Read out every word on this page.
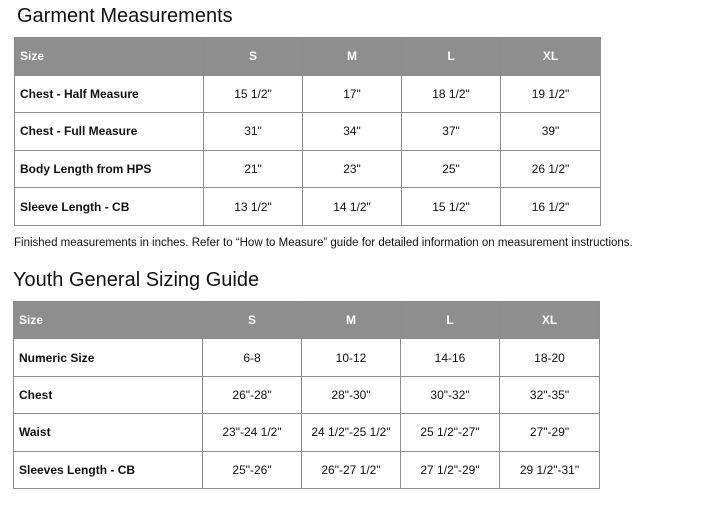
Garment Measurements
Size	S	M	L	XL
Chest - Half Measure	15 1/2"	17"	18 1/2"	19 1/2"
Chest - Full Measure	31"	34"	37"	39"
Body Length from HPS	21"	23"	25"	26 1/2"
Sleeve Length - CB	13 1/2"	14 1/2"	15 1/2"	16 1/2"

Finished measurements in inches. Refer to “How to Measure” guide for detailed information on measurement instructions.

Youth General Sizing Guide
Size	S	M	L	XL
Numeric Size	6-8	10-12	14-16	18-20
Chest	26"-28"	28"-30"	30"-32"	32"-35"
Waist	23"-24 1/2"	24 1/2"-25 1/2"	25 1/2"-27"	27"-29"
Sleeves Length - CB	25"-26"	26"-27 1/2"	27 1/2"-29"	29 1/2"-31"
